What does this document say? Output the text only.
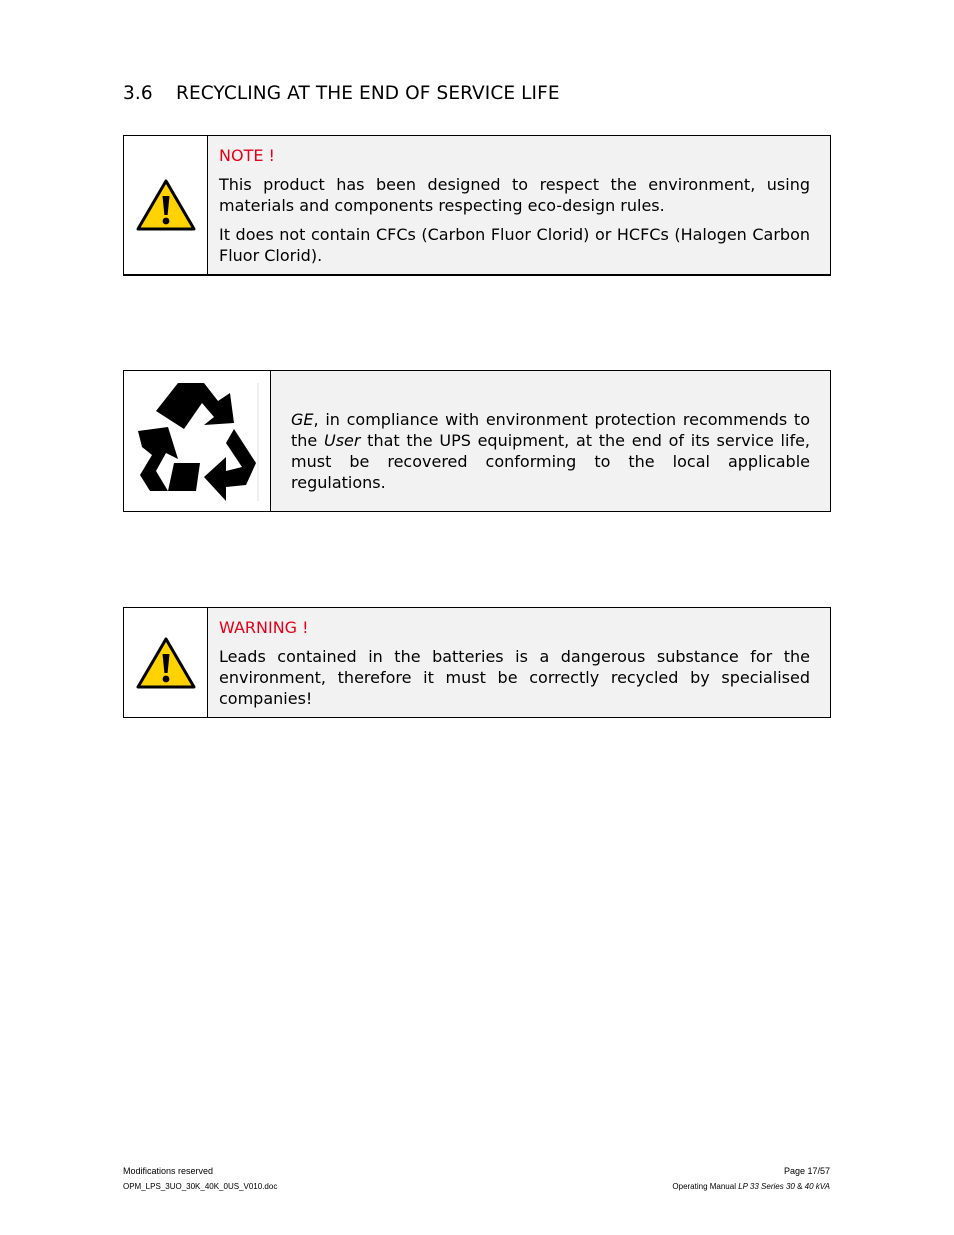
3.6 RECYCLING AT THE END OF SERVICE LIFE
NOTE !

This product has been designed to respect the environment, using materials and components respecting eco-design rules.

It does not contain CFCs (Carbon Fluor Clorid) or HCFCs (Halogen Carbon Fluor Clorid).

GE, in compliance with environment protection recommends to the User that the UPS equipment, at the end of its service life, must be recovered conforming to the local applicable regulations.

WARNING !

Leads contained in the batteries is a dangerous substance for the environment, therefore it must be correctly recycled by specialised companies!

Modifications reserved
OPM_LPS_3UO_30K_40K_0US_V010.doc
Page 17/57
Operating Manual LP 33 Series 30 & 40 kVA
